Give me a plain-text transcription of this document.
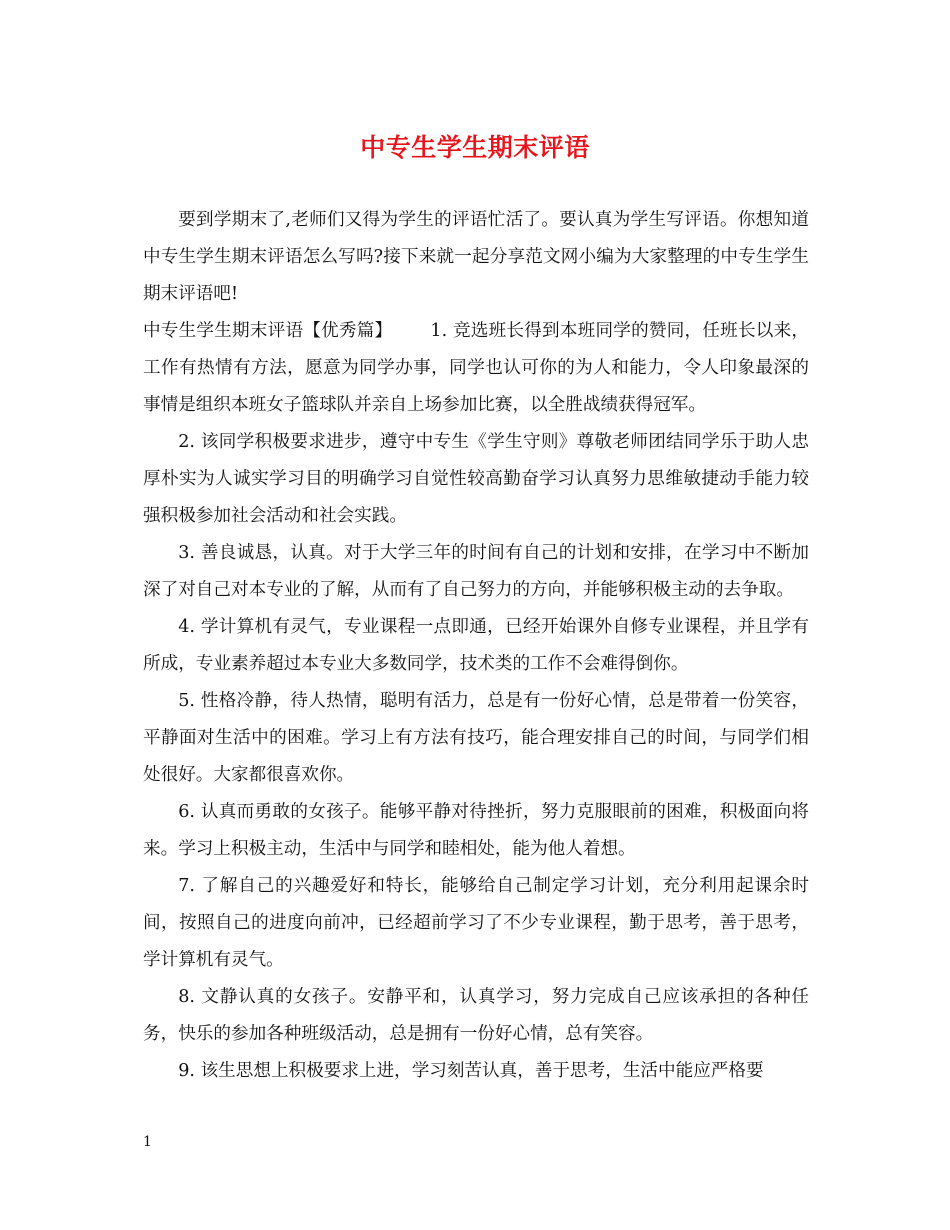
中专生学生期末评语

要到学期末了,老师们又得为学生的评语忙活了。要认真为学生写评语。你想知道中专生学生期末评语怎么写吗?接下来就一起分享范文网小编为大家整理的中专生学生期末评语吧!

中专生学生期末评语【优秀篇】 1. 竞选班长得到本班同学的赞同，任班长以来，工作有热情有方法，愿意为同学办事，同学也认可你的为人和能力，令人印象最深的事情是组织本班女子篮球队并亲自上场参加比赛，以全胜战绩获得冠军。

2. 该同学积极要求进步，遵守中专生《学生守则》尊敬老师团结同学乐于助人忠厚朴实为人诚实学习目的明确学习自觉性较高勤奋学习认真努力思维敏捷动手能力较强积极参加社会活动和社会实践。

3. 善良诚恳，认真。对于大学三年的时间有自己的计划和安排，在学习中不断加深了对自己对本专业的了解，从而有了自己努力的方向，并能够积极主动的去争取。

4. 学计算机有灵气，专业课程一点即通，已经开始课外自修专业课程，并且学有所成，专业素养超过本专业大多数同学，技术类的工作不会难得倒你。

5. 性格冷静，待人热情，聪明有活力，总是有一份好心情，总是带着一份笑容，平静面对生活中的困难。学习上有方法有技巧，能合理安排自己的时间，与同学们相处很好。大家都很喜欢你。

6. 认真而勇敢的女孩子。能够平静对待挫折，努力克服眼前的困难，积极面向将来。学习上积极主动，生活中与同学和睦相处，能为他人着想。

7. 了解自己的兴趣爱好和特长，能够给自己制定学习计划，充分利用起课余时间，按照自己的进度向前冲，已经超前学习了不少专业课程，勤于思考，善于思考，学计算机有灵气。

8. 文静认真的女孩子。安静平和，认真学习，努力完成自己应该承担的各种任务，快乐的参加各种班级活动，总是拥有一份好心情，总有笑容。

9. 该生思想上积极要求上进，学习刻苦认真，善于思考，生活中能应严格要

1
